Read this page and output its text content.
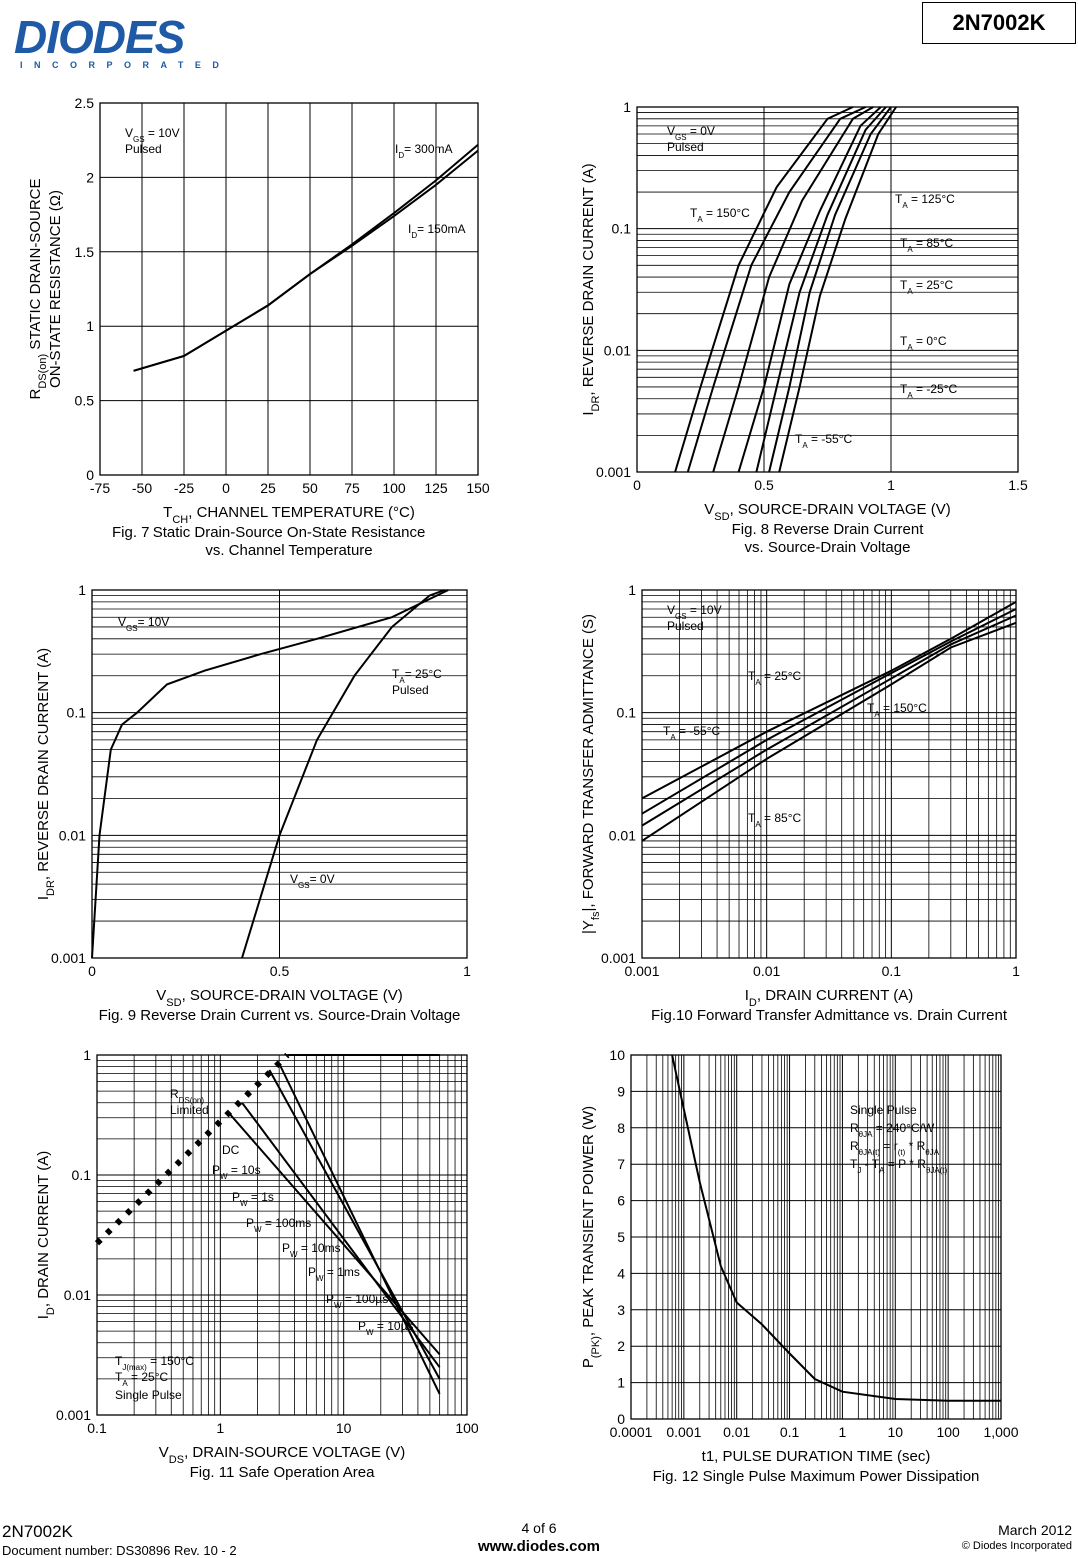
DIODES
INCORPORATED
2N7002K
-75 -50 -25 0 25 50 75 100 125 150
0
0.5
1
1.5
2
2.5
$V_{GS} = 10V$
Pulsed	$I_D= 300mA$
$I_D= 150mA$
$T_{CH}$, CHANNEL TEMPERATURE (°C)
$R_{DS(on)}$ STATIC DRAIN-SOURCE ON-STATE RESISTANCE (Ω)
Fig. 7 Static Drain-Source On-State Resistance
vs. Channel Temperature
0	0.5	1	1.5
0.001
0.01
0.1
1
$V_{GS} = 0V$
Pulsed
$T_A = 150^\circ C$
$T_A = 125^\circ C$
$T_A = 85^\circ C$
$T_A = 25^\circ C$
$T_A = 0^\circ C$
$T_A = -25^\circ C$
$T_A = -55^\circ C$
$V_{SD}$, SOURCE-DRAIN VOLTAGE (V)
$I_{DR}$, REVERSE DRAIN CURRENT (A)
Fig. 8 Reverse Drain Current
vs. Source-Drain Voltage
0	0.5	1
0.001
0.01
0.1
1
$V_{GS}= 10V$
$T_A= 25^\circ C$
Pulsed
$V_{GS}= 0V$
$V_{SD}$, SOURCE-DRAIN VOLTAGE (V)
$I_{DR}$, REVERSE DRAIN CURRENT (A)
Fig. 9 Reverse Drain Current vs. Source-Drain Voltage
0.001	0.01	0.1	1
0.001
0.01
0.1
1
$V_{GS} = 10V$
Pulsed
$T_A = 25^\circ C$
$T_A = -55^\circ C$
$T_A = 150^\circ C$
$T_A = 85^\circ C$
$I_D$, DRAIN CURRENT (A)
$|Y_{fs}|$, FORWARD TRANSFER ADMITTANCE (S)
Fig.10 Forward Transfer Admittance vs. Drain Current
0.1	1	10	100
0.001
0.01
0.1
1
$R_{DS(on)}$
Limited
DC
$P_W = 10s$
$P_W = 1s$
$P_W = 100ms$
$P_W = 10ms$
$P_W = 1ms$
$P_W = 100\mu s$
$P_W = 10\mu s$
$T_{J(max)} = 150^\circ C$
$T_A = 25^\circ C$
Single Pulse
$V_{DS}$, DRAIN-SOURCE VOLTAGE (V)
$I_D$, DRAIN CURRENT (A)
Fig. 11 Safe Operation Area
0.0001 0.001 0.01 0.1	1	10 100 1,000
0
1
2
3
4
5
6
7
8
9
10
Single Pulse
$R_{\theta JA} = 240^\circ C/W$
$R_{\theta JA(t)} = r_{(t)} * R_{\theta JA}$
$T_J - T_A = P * R_{\theta JA(t)}$
t1, PULSE DURATION TIME (sec)
$P_{(PK)}$, PEAK TRANSIENT POIWER (W)
Fig. 12 Single Pulse Maximum Power Dissipation
2N7002K
Document number: DS30896 Rev. 10 - 2
4 of 6
www.diodes.com
March 2012
© Diodes Incorporated
